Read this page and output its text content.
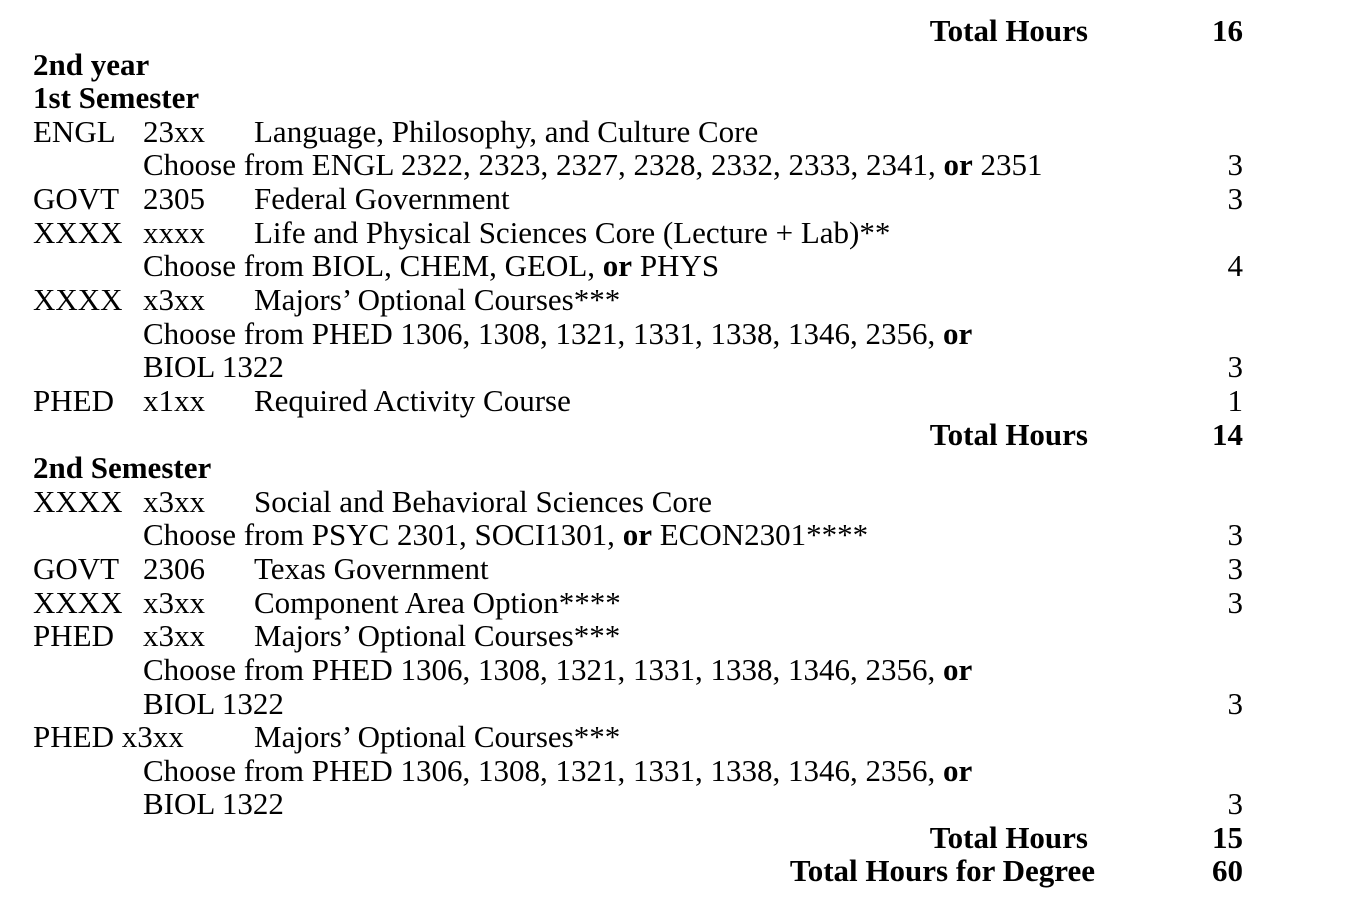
Total Hours	16
2nd year
1st Semester
ENGL 23xx Language, Philosophy, and Culture Core
Choose from ENGL 2322, 2323, 2327, 2328, 2332, 2333, 2341, or 2351	3
GOVT 2305 Federal Government	3
XXXX xxxx Life and Physical Sciences Core (Lecture + Lab)**
Choose from BIOL, CHEM, GEOL, or PHYS	4
XXXX x3xx Majors’ Optional Courses***
Choose from PHED 1306, 1308, 1321, 1331, 1338, 1346, 2356, or
BIOL 1322	3
PHED x1xx Required Activity Course	1
Total Hours	14
2nd Semester
XXXX x3xx Social and Behavioral Sciences Core
Choose from PSYC 2301, SOCI1301, or ECON2301****	3
GOVT 2306 Texas Government	3
XXXX x3xx Component Area Option****	3
PHED x3xx Majors’ Optional Courses***
Choose from PHED 1306, 1308, 1321, 1331, 1338, 1346, 2356, or
BIOL 1322	3
PHED x3xx Majors’ Optional Courses***
Choose from PHED 1306, 1308, 1321, 1331, 1338, 1346, 2356, or
BIOL 1322	3
Total Hours	15
Total Hours for Degree	60
